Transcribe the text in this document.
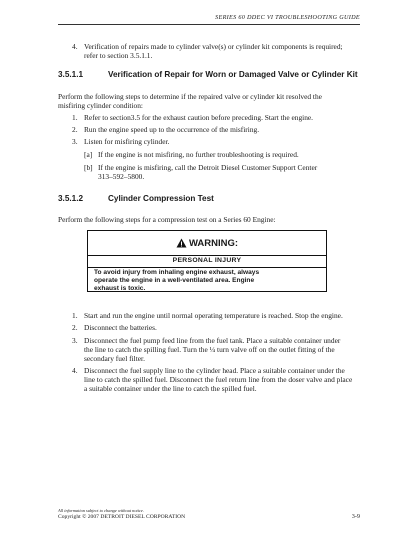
SERIES 60 DDEC VI TROUBLESHOOTING GUIDE
4. Verification of repairs made to cylinder valve(s) or cylinder kit components is required;
refer to section 3.5.1.1.
3.5.1.1	Verification of Repair for Worn or Damaged Valve or Cylinder Kit
Perform the following steps to determine if the repaired valve or cylinder kit resolved the
misfiring cylinder condition:
1. Refer to section3.5 for the exhaust caution before preceding. Start the engine.
2. Run the engine speed up to the occurrence of the misfiring.
3. Listen for misfiring cylinder.
[a] If the engine is not misfiring, no further troubleshooting is required.
[b] If the engine is misfiring, call the Detroit Diesel Customer Support Center
313–592–5800.
3.5.1.2	Cylinder Compression Test
Perform the following steps for a compression test on a Series 60 Engine:
WARNING:
PERSONAL INJURY
To avoid injury from inhaling engine exhaust, always
operate the engine in a well-ventilated area. Engine
exhaust is toxic.
1. Start and run the engine until normal operating temperature is reached. Stop the engine.
2. Disconnect the batteries.
3. Disconnect the fuel pump feed line from the fuel tank. Place a suitable container under
the line to catch the spilling fuel. Turn the ¼ turn valve off on the outlet fitting of the
secondary fuel filter.
4. Disconnect the fuel supply line to the cylinder head. Place a suitable container under the
line to catch the spilled fuel. Disconnect the fuel return line from the doser valve and place
a suitable container under the line to catch the spilled fuel.
All information subject to change without notice.
Copyright © 2007 DETROIT DIESEL CORPORATION	3-9
